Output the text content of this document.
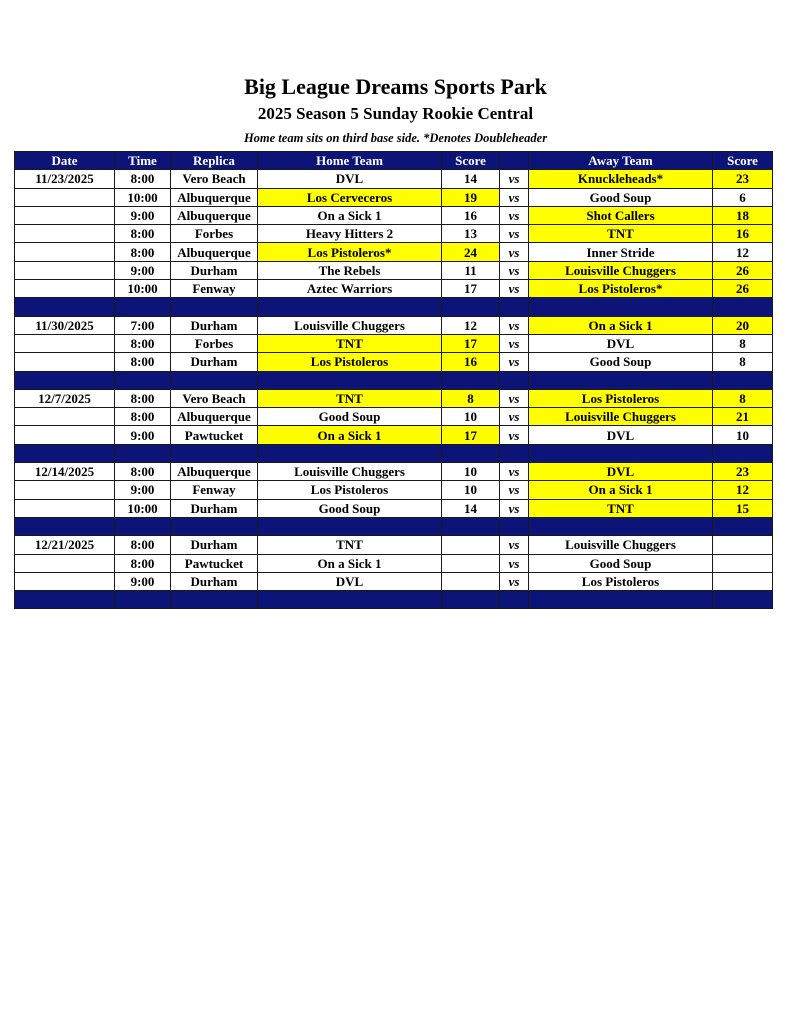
Big League Dreams Sports Park
2025 Season 5 Sunday Rookie Central
Home team sits on third base side. *Denotes Doubleheader
Date	Time	Replica	Home Team	Score		Away Team	Score
11/23/2025	8:00	Vero Beach	DVL	14	vs	Knuckleheads*	23
	10:00	Albuquerque	Los Cerveceros	19	vs	Good Soup	6
	9:00	Albuquerque	On a Sick 1	16	vs	Shot Callers	18
	8:00	Forbes	Heavy Hitters 2	13	vs	TNT	16
	8:00	Albuquerque	Los Pistoleros*	24	vs	Inner Stride	12
	9:00	Durham	The Rebels	11	vs	Louisville Chuggers	26
	10:00	Fenway	Aztec Warriors	17	vs	Los Pistoleros*	26

11/30/2025	7:00	Durham	Louisville Chuggers	12	vs	On a Sick 1	20
	8:00	Forbes	TNT	17	vs	DVL	8
	8:00	Durham	Los Pistoleros	16	vs	Good Soup	8

12/7/2025	8:00	Vero Beach	TNT	8	vs	Los Pistoleros	8
	8:00	Albuquerque	Good Soup	10	vs	Louisville Chuggers	21
	9:00	Pawtucket	On a Sick 1	17	vs	DVL	10

12/14/2025	8:00	Albuquerque	Louisville Chuggers	10	vs	DVL	23
	9:00	Fenway	Los Pistoleros	10	vs	On a Sick 1	12
	10:00	Durham	Good Soup	14	vs	TNT	15

12/21/2025	8:00	Durham	TNT		vs	Louisville Chuggers	
	8:00	Pawtucket	On a Sick 1		vs	Good Soup	
	9:00	Durham	DVL		vs	Los Pistoleros	
